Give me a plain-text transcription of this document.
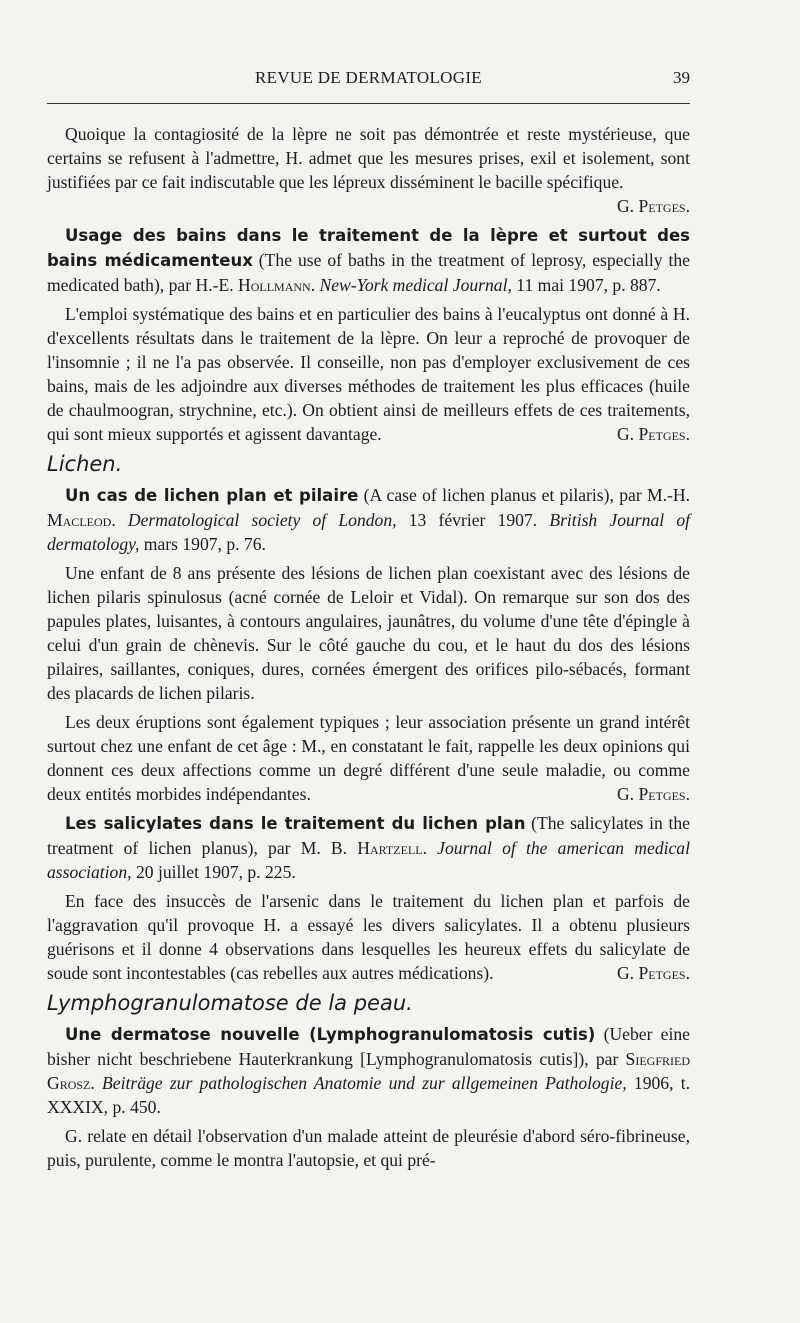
REVUE DE DERMATOLOGIE	39

Quoique la contagiosité de la lèpre ne soit pas démontrée et reste mystérieuse, que certains se refusent à l'admettre, H. admet que les mesures prises, exil et isolement, sont justifiées par ce fait indiscutable que les lépreux disséminent le bacille spécifique.
G. Petges.

Usage des bains dans le traitement de la lèpre et surtout des bains médicamenteux (The use of baths in the treatment of leprosy, especially the medicated bath), par H.-E. Hollmann. New-York medical Journal, 11 mai 1907, p. 887.

L'emploi systématique des bains et en particulier des bains à l'eucalyptus ont donné à H. d'excellents résultats dans le traitement de la lèpre. On leur a reproché de provoquer de l'insomnie ; il ne l'a pas observée. Il conseille, non pas d'employer exclusivement de ces bains, mais de les adjoindre aux diverses méthodes de traitement les plus efficaces (huile de chaulmoogran, strychnine, etc.). On obtient ainsi de meilleurs effets de ces traitements, qui sont mieux supportés et agissent davantage.	G. Petges.

Lichen.

Un cas de lichen plan et pilaire (A case of lichen planus et pilaris), par M.-H. Macleod. Dermatological society of London, 13 février 1907. British Journal of dermatology, mars 1907, p. 76.

Une enfant de 8 ans présente des lésions de lichen plan coexistant avec des lésions de lichen pilaris spinulosus (acné cornée de Leloir et Vidal). On remarque sur son dos des papules plates, luisantes, à contours angulaires, jaunâtres, du volume d'une tête d'épingle à celui d'un grain de chènevis. Sur le côté gauche du cou, et le haut du dos des lésions pilaires, saillantes, coniques, dures, cornées émergent des orifices pilo-sébacés, formant des placards de lichen pilaris.

Les deux éruptions sont également typiques ; leur association présente un grand intérêt surtout chez une enfant de cet âge : M., en constatant le fait, rappelle les deux opinions qui donnent ces deux affections comme un degré différent d'une seule maladie, ou comme deux entités morbides indépendantes.	G. Petges.

Les salicylates dans le traitement du lichen plan (The salicylates in the treatment of lichen planus), par M. B. Hartzell. Journal of the american medical association, 20 juillet 1907, p. 225.

En face des insuccès de l'arsenic dans le traitement du lichen plan et parfois de l'aggravation qu'il provoque H. a essayé les divers salicylates. Il a obtenu plusieurs guérisons et il donne 4 observations dans lesquelles les heureux effets du salicylate de soude sont incontestables (cas rebelles aux autres médications).	G. Petges.

Lymphogranulomatose de la peau.

Une dermatose nouvelle (Lymphogranulomatosis cutis) (Ueber eine bisher nicht beschriebene Hauterkrankung [Lymphogranulomatosis cutis]), par Siegfried Grosz. Beiträge zur pathologischen Anatomie und zur allgemeinen Pathologie, 1906, t. XXXIX, p. 450.

G. relate en détail l'observation d'un malade atteint de pleurésie d'abord séro-fibrineuse, puis, purulente, comme le montra l'autopsie, et qui pré-
